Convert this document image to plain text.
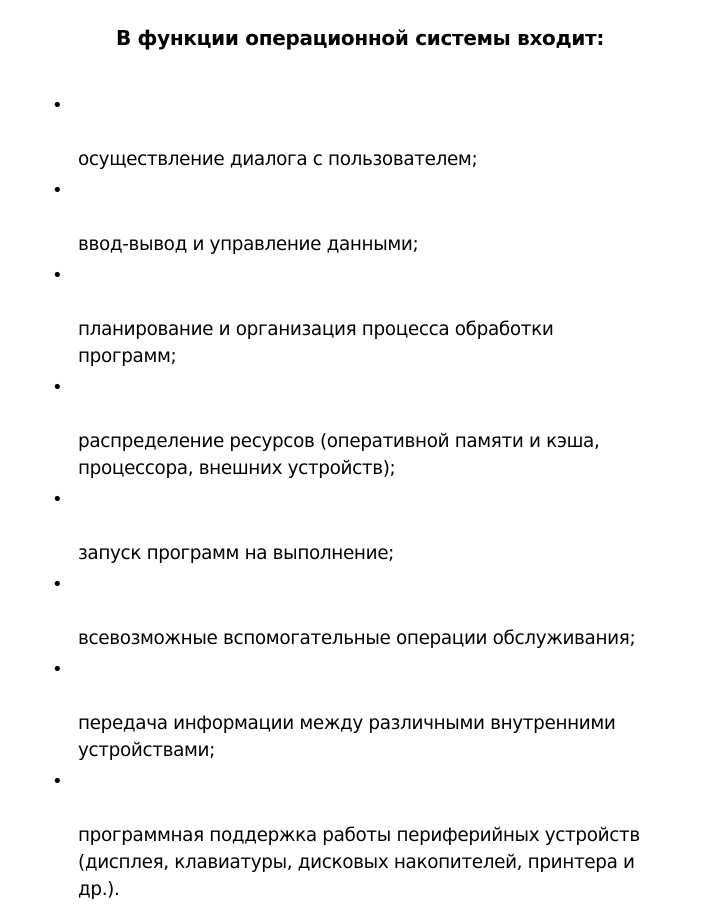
В функции операционной системы входит:

•

осуществление диалога с пользователем;

•

ввод-вывод и управление данными;

•

планирование и организация процесса обработки
программ;

•

распределение ресурсов (оперативной памяти и кэша,
процессора, внешних устройств);

•

запуск программ на выполнение;

•

всевозможные вспомогательные операции обслуживания;

•

передача информации между различными внутренними
устройствами;

•

программная поддержка работы периферийных устройств
(дисплея, клавиатуры, дисковых накопителей, принтера и
др.).
